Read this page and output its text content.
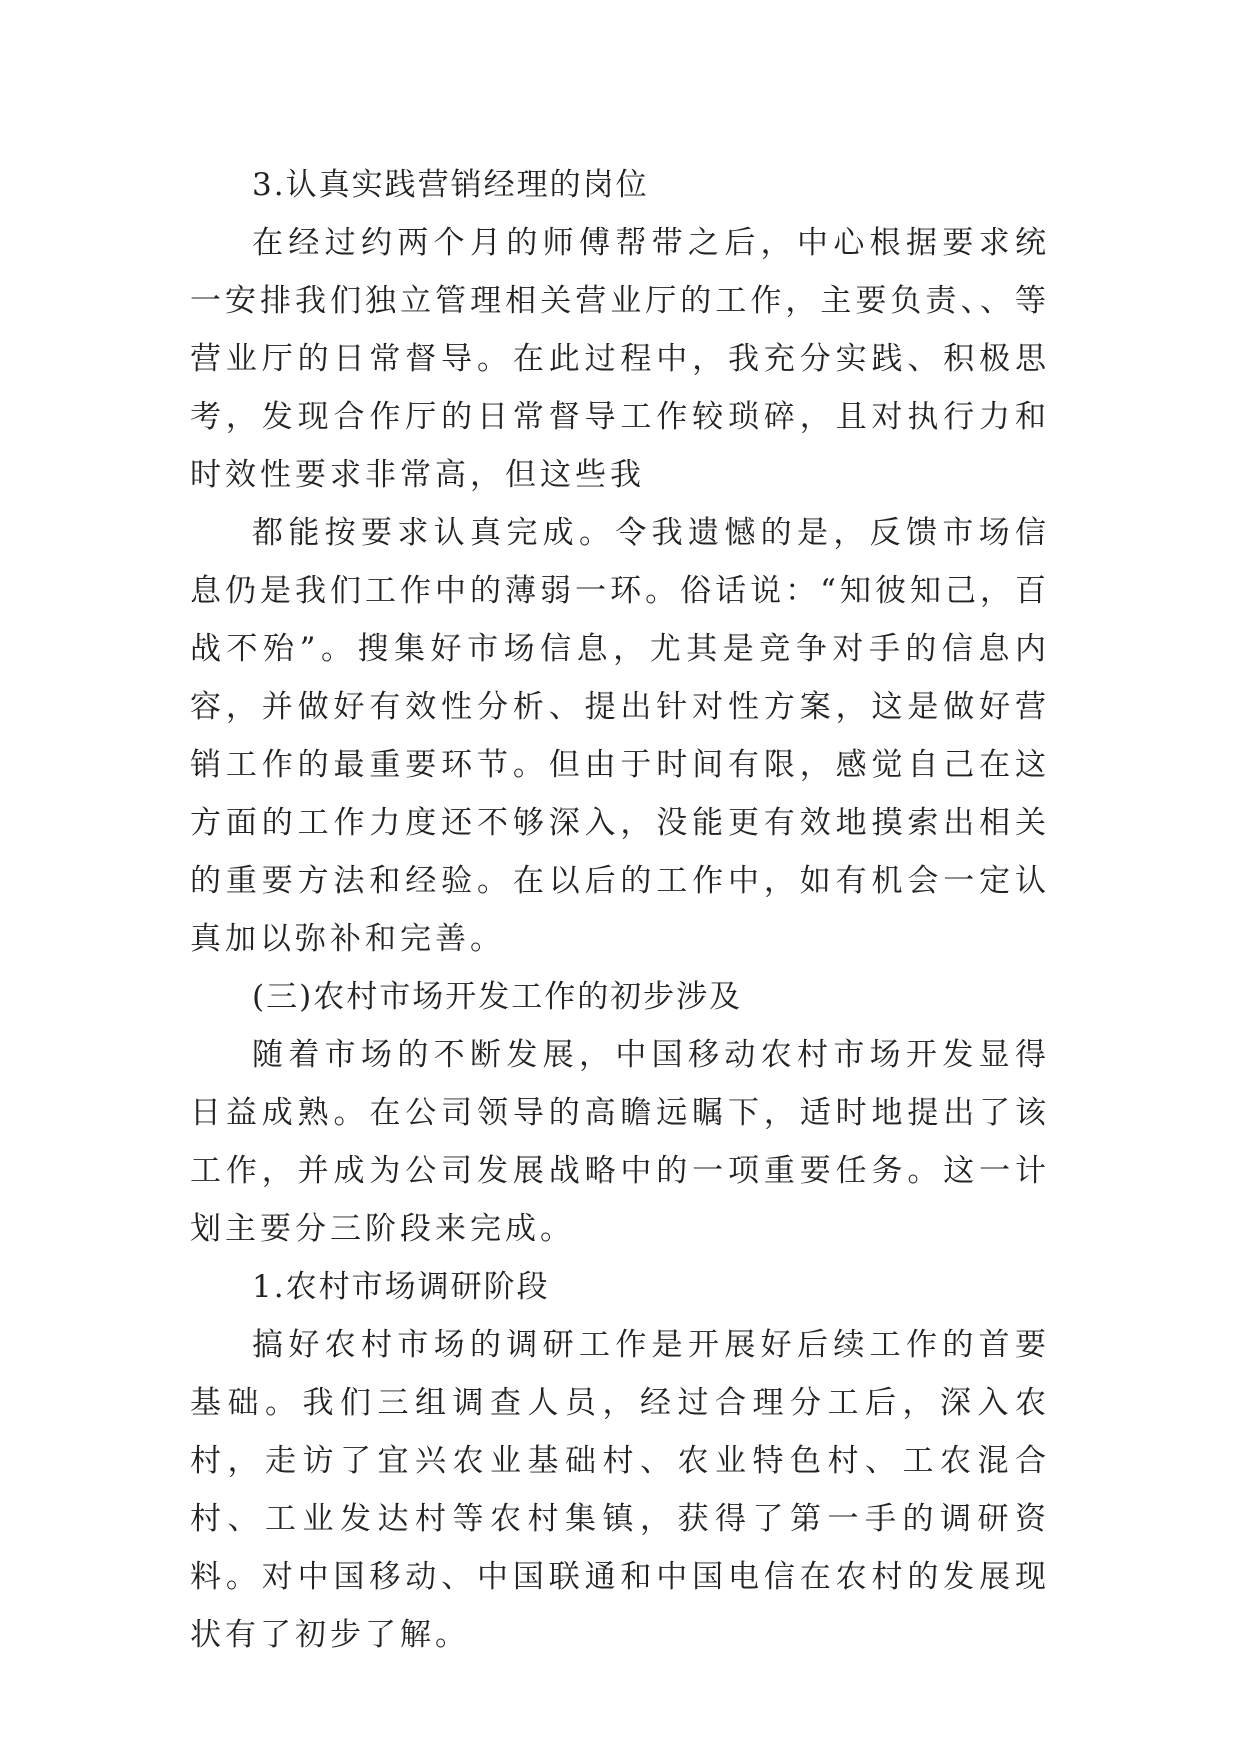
3.认真实践营销经理的岗位

在经过约两个月的师傅帮带之后，中心根据要求统一安排我们独立管理相关营业厅的工作，主要负责、、等营业厅的日常督导。在此过程中，我充分实践、积极思考，发现合作厅的日常督导工作较琐碎，且对执行力和时效性要求非常高，但这些我

都能按要求认真完成。令我遗憾的是，反馈市场信息仍是我们工作中的薄弱一环。俗话说：“知彼知己，百战不殆”。搜集好市场信息，尤其是竞争对手的信息内容，并做好有效性分析、提出针对性方案，这是做好营销工作的最重要环节。但由于时间有限，感觉自己在这方面的工作力度还不够深入，没能更有效地摸索出相关的重要方法和经验。在以后的工作中，如有机会一定认真加以弥补和完善。

(三)农村市场开发工作的初步涉及

随着市场的不断发展，中国移动农村市场开发显得日益成熟。在公司领导的高瞻远瞩下，适时地提出了该工作，并成为公司发展战略中的一项重要任务。这一计划主要分三阶段来完成。

1.农村市场调研阶段

搞好农村市场的调研工作是开展好后续工作的首要基础。我们三组调查人员，经过合理分工后，深入农村，走访了宜兴农业基础村、农业特色村、工农混合村、工业发达村等农村集镇，获得了第一手的调研资料。对中国移动、中国联通和中国电信在农村的发展现状有了初步了解。
